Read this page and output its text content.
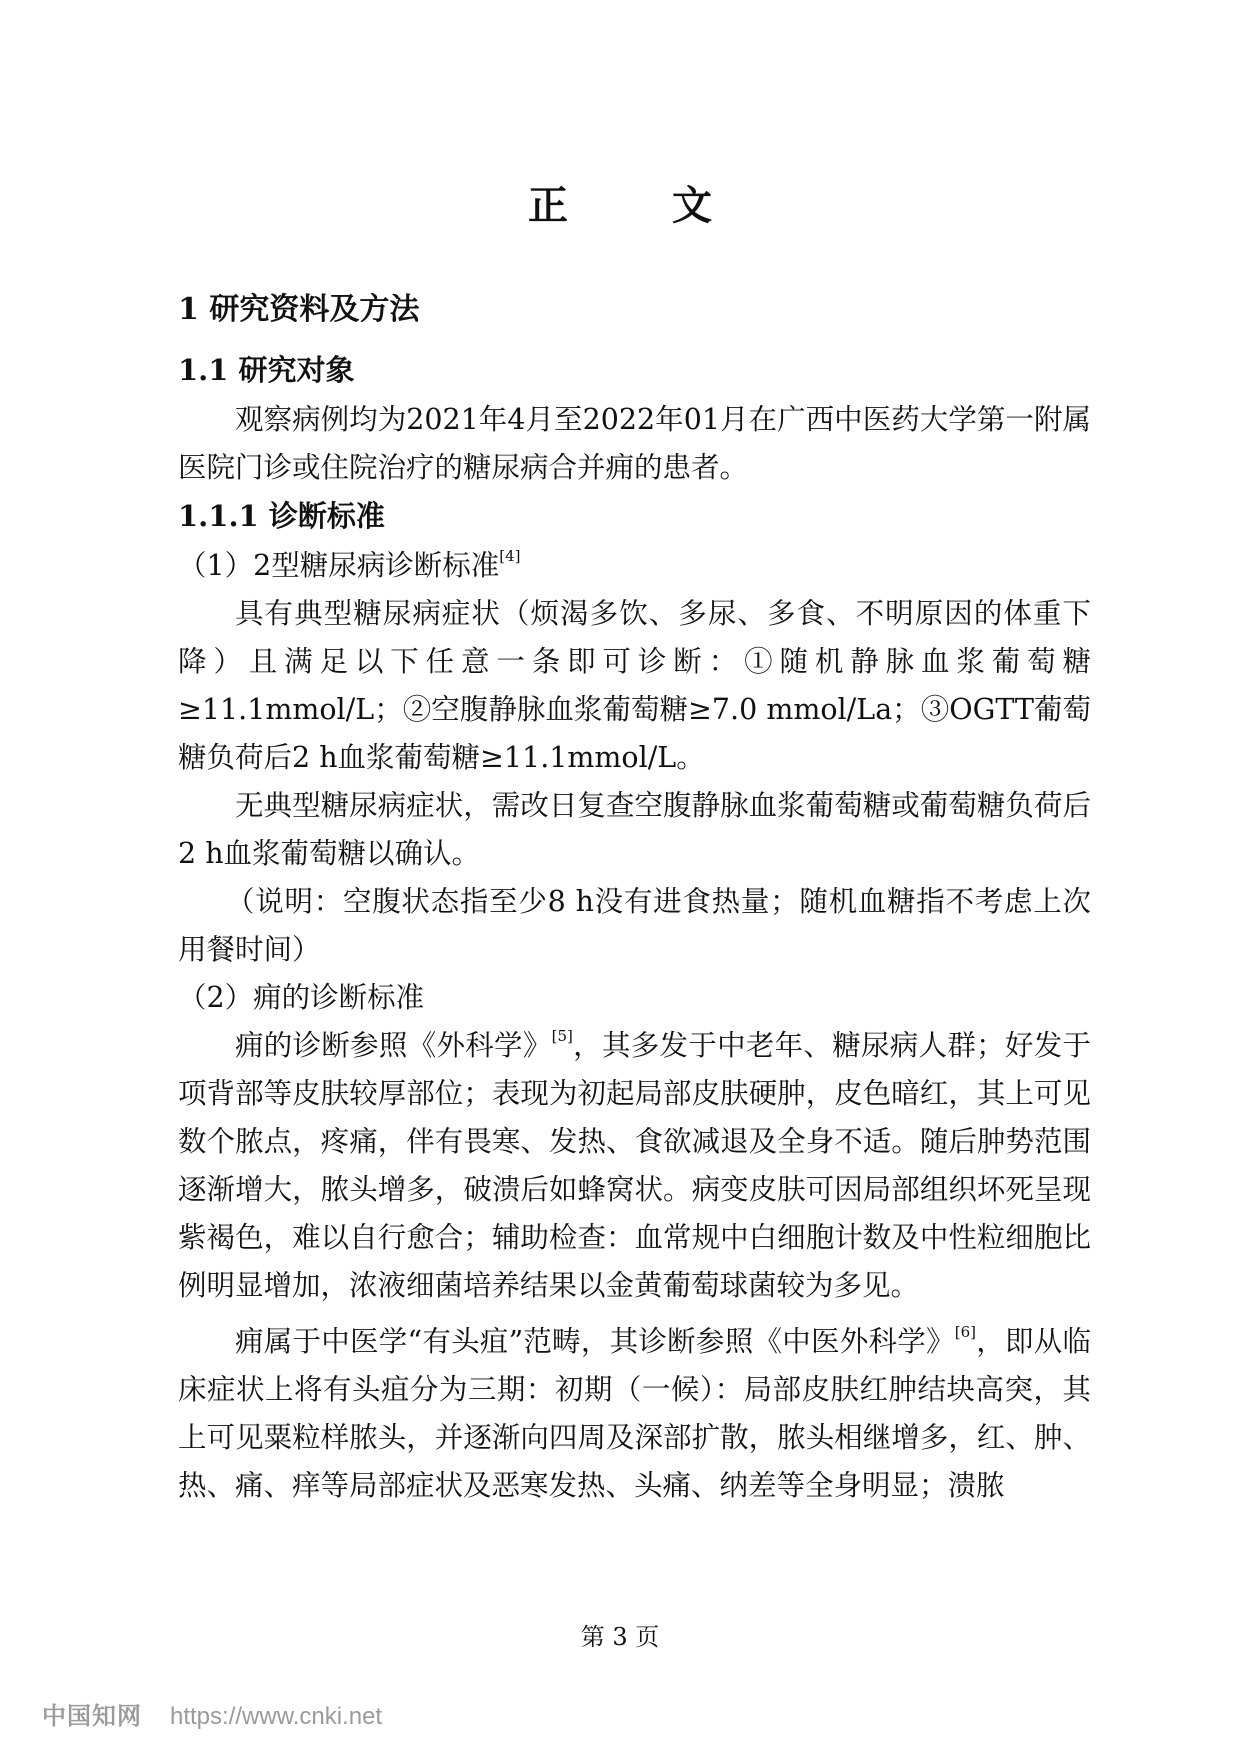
正　文
1 研究资料及方法
1.1 研究对象

观察病例均为2021年4月至2022年01月在广西中医药大学第一附属医院门诊或住院治疗的糖尿病合并痈的患者。

1.1.1 诊断标准

（1）2型糖尿病诊断标准[4]

具有典型糖尿病症状（烦渴多饮、多尿、多食、不明原因的体重下降）且满足以下任意一条即可诊断：①随机静脉血浆葡萄糖≥11.1mmol/L；②空腹静脉血浆葡萄糖≥7.0 mmol/La；③OGTT葡萄糖负荷后2 h血浆葡萄糖≥11.1mmol/L。

无典型糖尿病症状，需改日复查空腹静脉血浆葡萄糖或葡萄糖负荷后2 h血浆葡萄糖以确认。

（说明：空腹状态指至少8 h没有进食热量；随机血糖指不考虑上次用餐时间）

（2）痈的诊断标准

痈的诊断参照《外科学》[5]，其多发于中老年、糖尿病人群；好发于项背部等皮肤较厚部位；表现为初起局部皮肤硬肿，皮色暗红，其上可见数个脓点，疼痛，伴有畏寒、发热、食欲减退及全身不适。随后肿势范围逐渐增大，脓头增多，破溃后如蜂窝状。病变皮肤可因局部组织坏死呈现紫褐色，难以自行愈合；辅助检查：血常规中白细胞计数及中性粒细胞比例明显增加，浓液细菌培养结果以金黄葡萄球菌较为多见。

痈属于中医学“有头疽”范畴，其诊断参照《中医外科学》[6]，即从临床症状上将有头疽分为三期：初期（一候）：局部皮肤红肿结块高突，其上可见粟粒样脓头，并逐渐向四周及深部扩散，脓头相继增多，红、肿、热、痛、痒等局部症状及恶寒发热、头痛、纳差等全身明显；溃脓

第 3 页
中国知网 https://www.cnki.net
